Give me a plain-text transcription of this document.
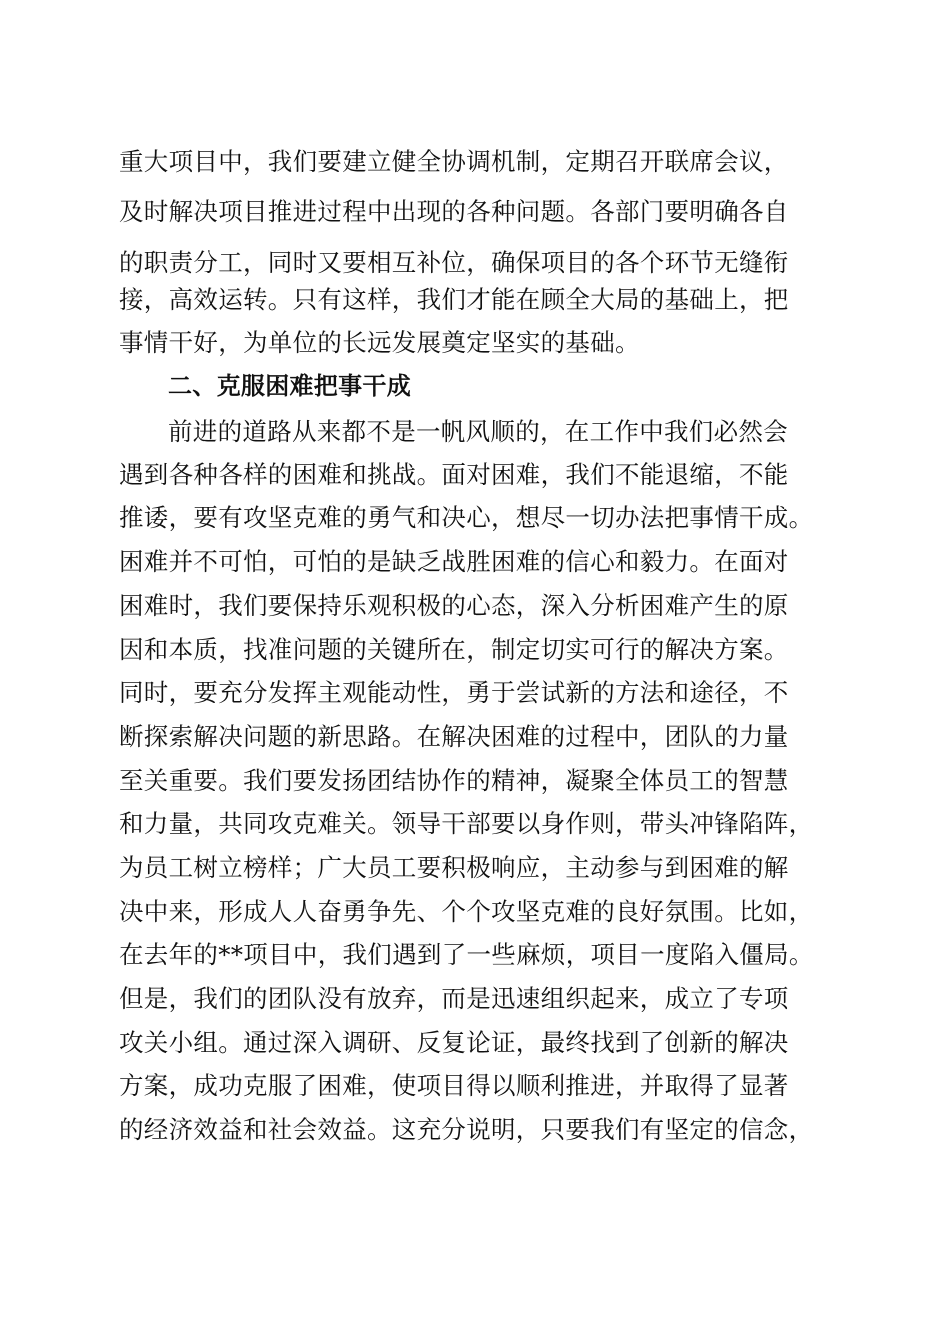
重大项目中，我们要建立健全协调机制，定期召开联席会议，
及时解决项目推进过程中出现的各种问题。各部门要明确各自
的职责分工，同时又要相互补位，确保项目的各个环节无缝衔
接，高效运转。只有这样，我们才能在顾全大局的基础上，把
事情干好，为单位的长远发展奠定坚实的基础。
二、克服困难把事干成
前进的道路从来都不是一帆风顺的，在工作中我们必然会
遇到各种各样的困难和挑战。面对困难，我们不能退缩，不能
推诿，要有攻坚克难的勇气和决心，想尽一切办法把事情干成。
困难并不可怕，可怕的是缺乏战胜困难的信心和毅力。在面对
困难时，我们要保持乐观积极的心态，深入分析困难产生的原
因和本质，找准问题的关键所在，制定切实可行的解决方案。
同时，要充分发挥主观能动性，勇于尝试新的方法和途径，不
断探索解决问题的新思路。在解决困难的过程中，团队的力量
至关重要。我们要发扬团结协作的精神，凝聚全体员工的智慧
和力量，共同攻克难关。领导干部要以身作则，带头冲锋陷阵，
为员工树立榜样；广大员工要积极响应，主动参与到困难的解
决中来，形成人人奋勇争先、个个攻坚克难的良好氛围。比如，
在去年的**项目中，我们遇到了一些麻烦，项目一度陷入僵局。
但是，我们的团队没有放弃，而是迅速组织起来，成立了专项
攻关小组。通过深入调研、反复论证，最终找到了创新的解决
方案，成功克服了困难，使项目得以顺利推进，并取得了显著
的经济效益和社会效益。这充分说明，只要我们有坚定的信念，
